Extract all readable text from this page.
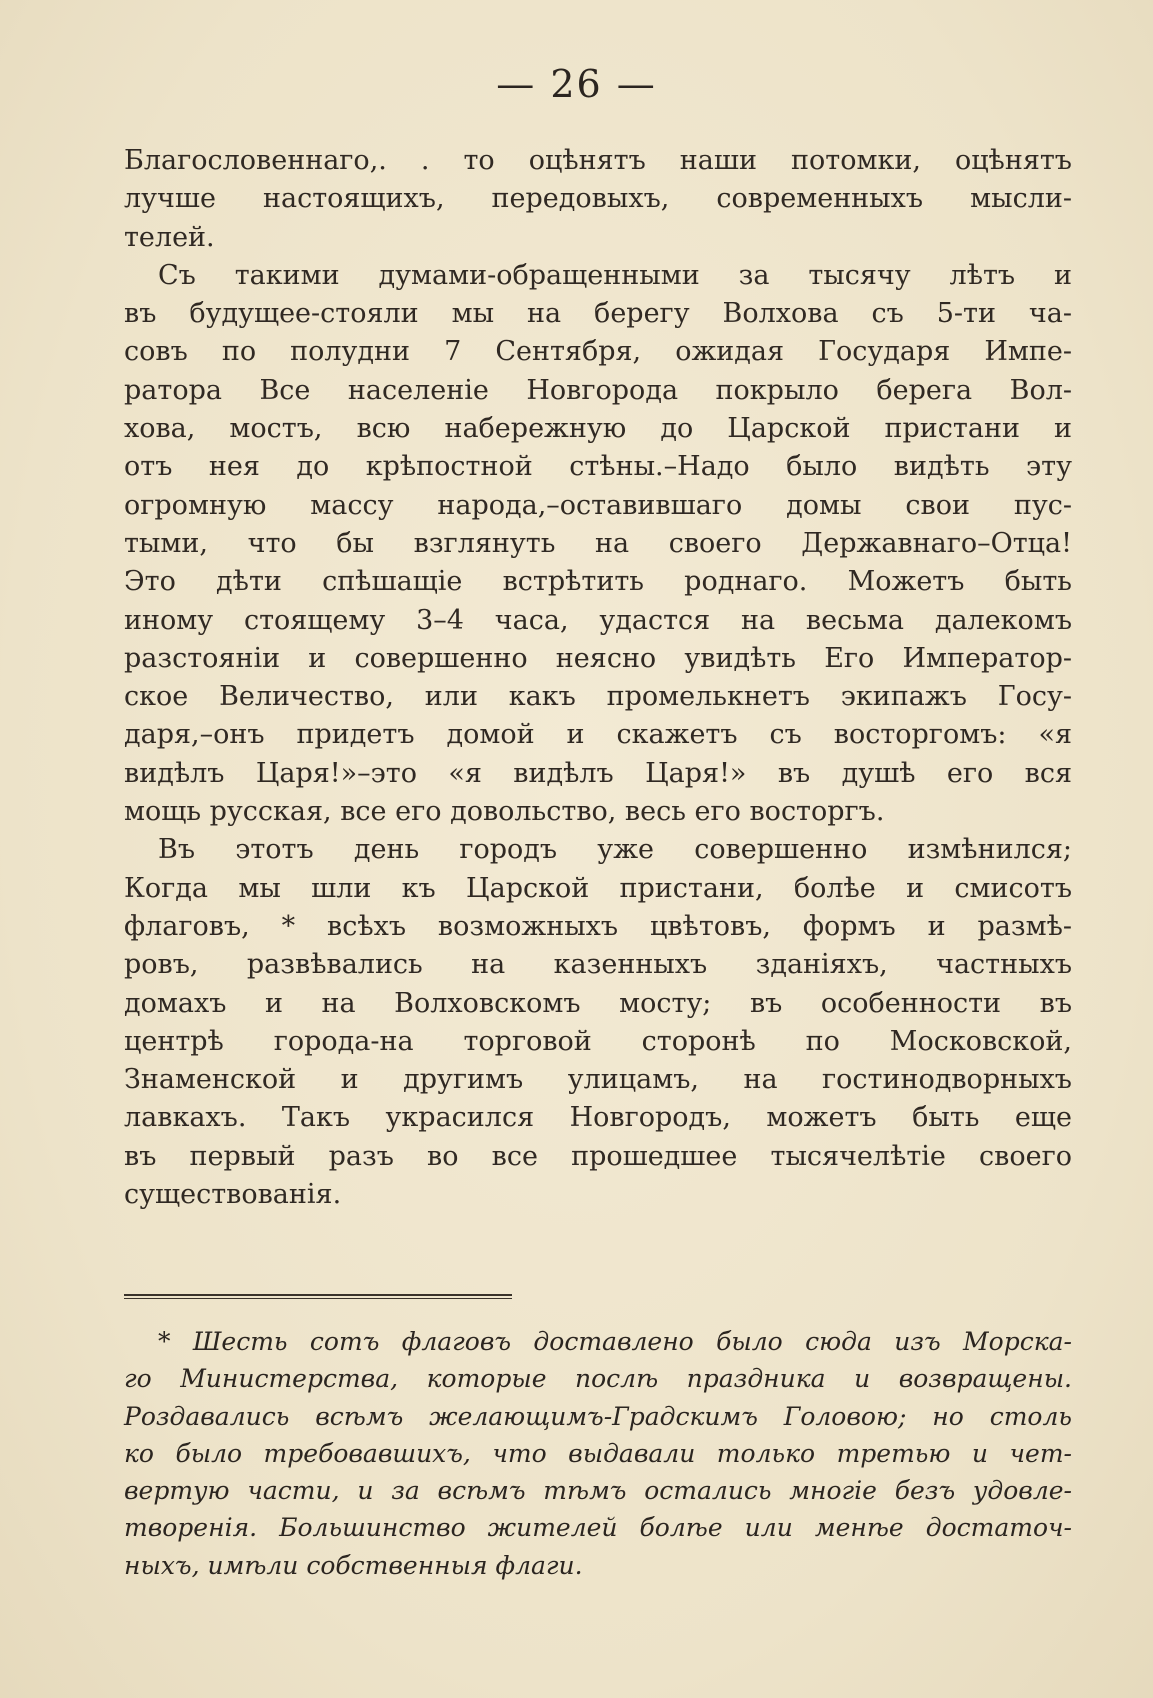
— 26 —
Благословеннаго,. . то оцѣнятъ наши потомки, оцѣнятъ
лучше настоящихъ, передовыхъ, современныхъ мысли-
телей.
Съ такими думами-обращенными за тысячу лѣтъ и
въ будущее-стояли мы на берегу Волхова съ 5-ти ча-
совъ по полудни 7 Сентября, ожидая Государя Импе-
ратора Все населеніе Новгорода покрыло берега Вол-
хова, мостъ, всю набережную до Царской пристани и
отъ нея до крѣпостной стѣны.–Надо было видѣть эту
огромную массу народа,–оставившаго домы свои пус-
тыми, что бы взглянуть на своего Державнаго–Отца!
Это дѣти спѣшащіе встрѣтить роднаго. Можетъ быть
иному стоящему 3–4 часа, удастся на весьма далекомъ
разстояніи и совершенно неясно увидѣть Его Император-
ское Величество, или какъ промелькнетъ экипажъ Госу-
даря,–онъ придетъ домой и скажетъ съ восторгомъ: «я
видѣлъ Царя!»–это «я видѣлъ Царя!» въ душѣ его вся
мощь русская, все его довольство, весь его восторгъ.
Въ этотъ день городъ уже совершенно измѣнился;
Когда мы шли къ Царской пристани, болѣе и смисотъ
флаговъ, * всѣхъ возможныхъ цвѣтовъ, формъ и размѣ-
ровъ, развѣвались на казенныхъ зданіяхъ, частныхъ
домахъ и на Волховскомъ мосту; въ особенности въ
центрѣ города-на торговой сторонѣ по Московской,
Знаменской и другимъ улицамъ, на гостинодворныхъ
лавкахъ. Такъ украсился Новгородъ, можетъ быть еще
въ первый разъ во все прошедшее тысячелѣтіе своего
существованія.
* Шесть сотъ флаговъ доставлено было сюда изъ Морска-
го Министерства, которые послѣ праздника и возвращены.
Роздавались всѣмъ желающимъ-Градскимъ Головою; но столь
ко было требовавшихъ, что выдавали только третью и чет-
вертую части, и за всѣмъ тѣмъ остались многіе безъ удовле-
творенія. Большинство жителей болѣе или менѣе достаточ-
ныхъ, имѣли собственныя флаги.
